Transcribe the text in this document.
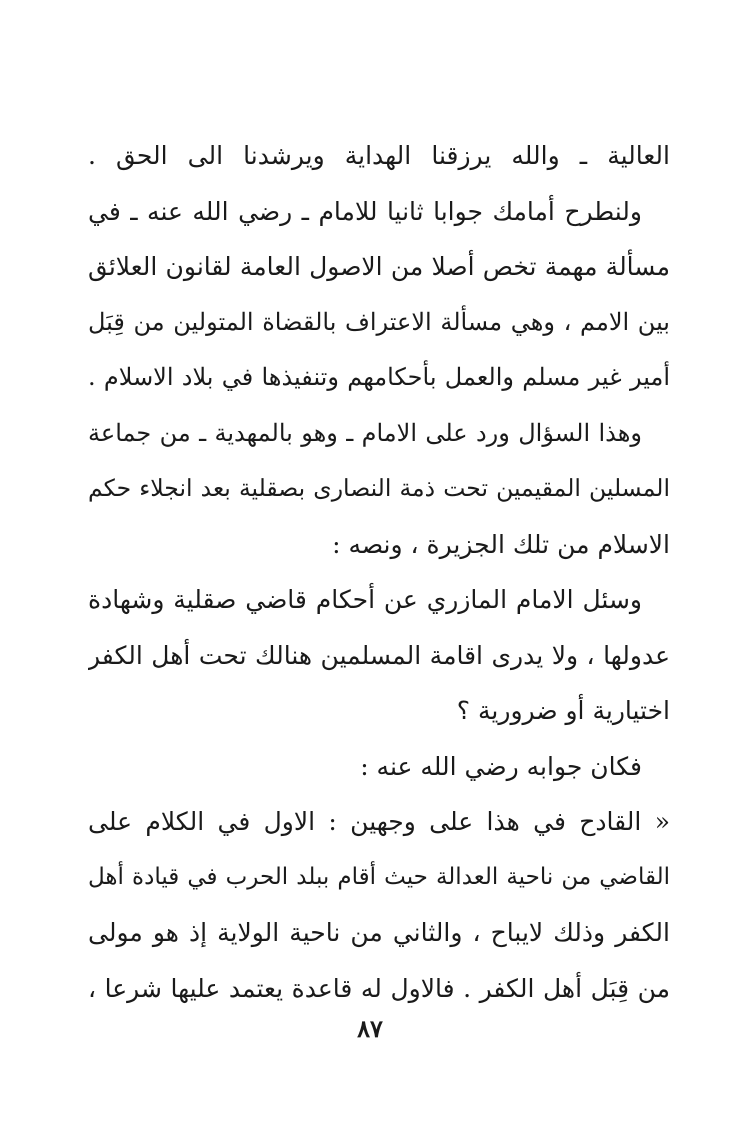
العالية ـ والله يرزقنا الهداية ويرشدنا الى الحق .
ولنطرح أمامك جوابا ثانيا للامام ـ رضي الله عنه ـ في
مسألة مهمة تخص أصلا من الاصول العامة لقانون العلائق
بين الامم ، وهي مسألة الاعتراف بالقضاة المتولين من قِبَل
أمير غير مسلم والعمل بأحكامهم وتنفيذها في بلاد الاسلام .
وهذا السؤال ورد على الامام ـ وهو بالمهدية ـ من جماعة
المسلين المقيمين تحت ذمة النصارى بصقلية بعد انجلاء حكم
الاسلام من تلك الجزيرة ، ونصه :
وسئل الامام المازري عن أحكام قاضي صقلية وشهادة
عدولها ، ولا يدرى اقامة المسلمين هنالك تحت أهل الكفر
اختيارية أو ضرورية ؟
فكان جوابه رضي الله عنه :
« القادح في هذا على وجهين : الاول في الكلام على
القاضي من ناحية العدالة حيث أقام ببلد الحرب في قيادة أهل
الكفر وذلك لايباح ، والثاني من ناحية الولاية إذ هو مولى
من قِبَل أهل الكفر . فالاول له قاعدة يعتمد عليها شرعا ،
٨٧
